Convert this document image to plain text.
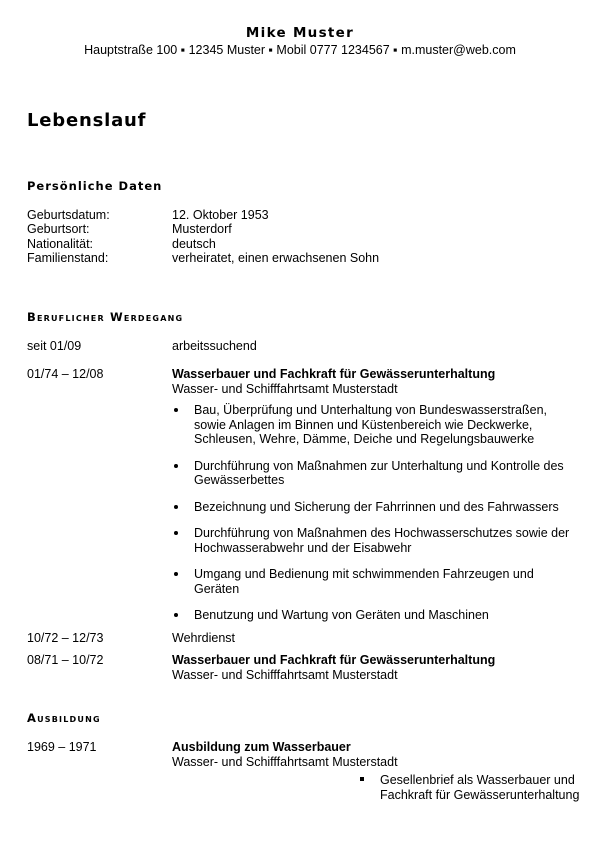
Mike Muster
Hauptstraße 100 ▪ 12345 Muster ▪ Mobil 0777 1234567 ▪ m.muster@web.com
Lebenslauf
Persönliche Daten
Geburtsdatum:	12. Oktober 1953
Geburtsort:	Musterdorf
Nationalität:	deutsch
Familienstand:	verheiratet, einen erwachsenen Sohn
Beruflicher Werdegang
seit 01/09	arbeitssuchend
01/74 – 12/08	Wasserbauer und Fachkraft für Gewässerunterhaltung
Wasser- und Schifffahrtsamt Musterstadt
Bau, Überprüfung und Unterhaltung von Bundeswasserstraßen, sowie Anlagen im Binnen und Küstenbereich wie Deckwerke, Schleusen, Wehre, Dämme, Deiche und Regelungsbauwerke
Durchführung von Maßnahmen zur Unterhaltung und Kontrolle des Gewässerbettes
Bezeichnung und Sicherung der Fahrrinnen und des Fahrwassers
Durchführung von Maßnahmen des Hochwasserschutzes sowie der Hochwasserabwehr und der Eisabwehr
Umgang und Bedienung mit schwimmenden Fahrzeugen und Geräten
Benutzung und Wartung von Geräten und Maschinen
10/72 – 12/73	Wehrdienst
08/71 – 10/72	Wasserbauer und Fachkraft für Gewässerunterhaltung
Wasser- und Schifffahrtsamt Musterstadt
Ausbildung
1969 – 1971	Ausbildung zum Wasserbauer
Wasser- und Schifffahrtsamt Musterstadt
Gesellenbrief als Wasserbauer und Fachkraft für Gewässerunterhaltung
